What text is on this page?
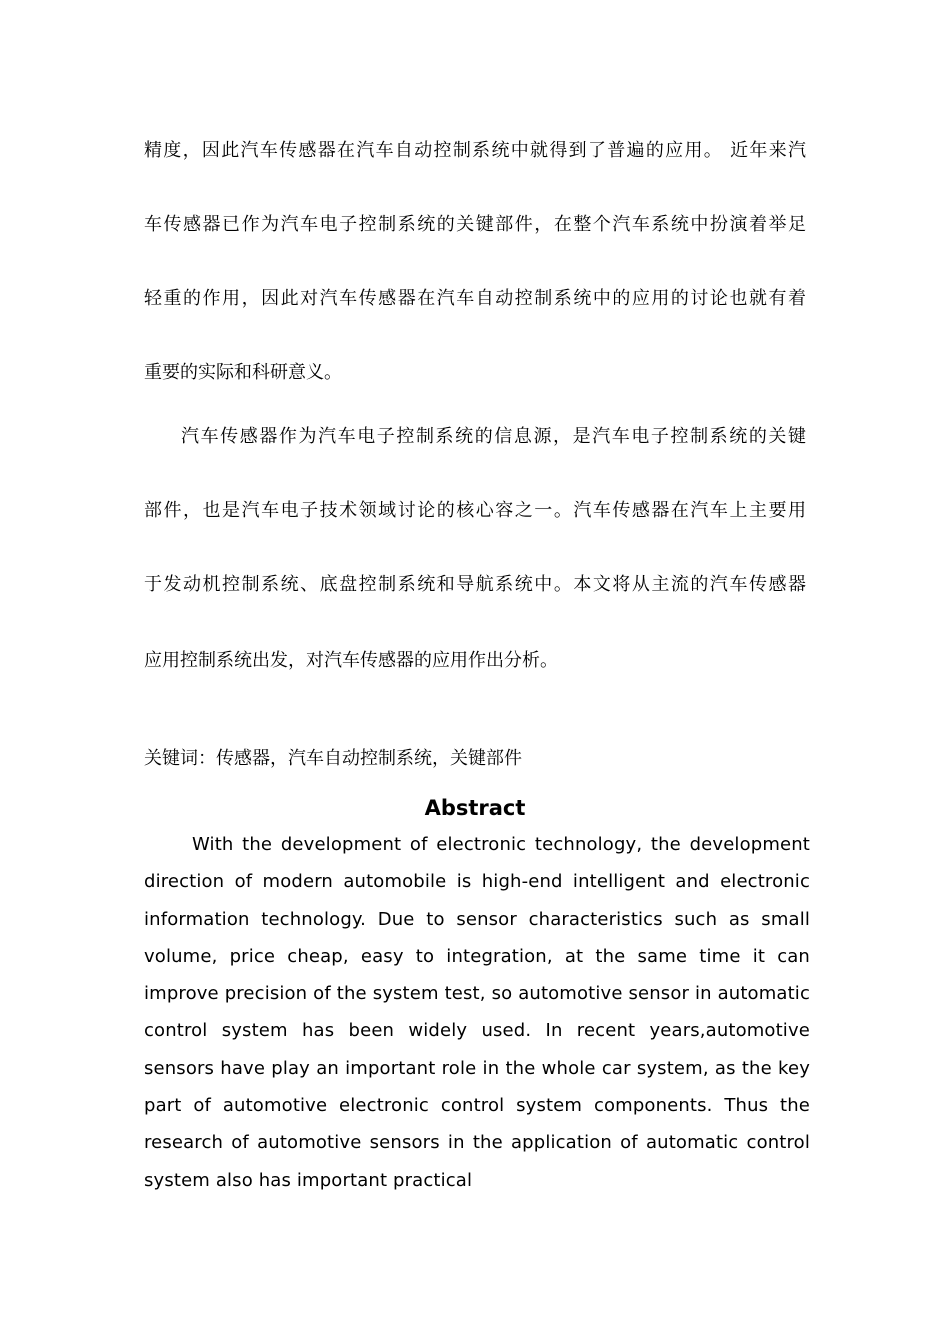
精度，因此汽车传感器在汽车自动控制系统中就得到了普遍的应用。 近年来汽
车传感器已作为汽车电子控制系统的关键部件，在整个汽车系统中扮演着举足
轻重的作用，因此对汽车传感器在汽车自动控制系统中的应用的讨论也就有着
重要的实际和科研意义。
汽车传感器作为汽车电子控制系统的信息源，是汽车电子控制系统的关键
部件，也是汽车电子技术领域讨论的核心容之一。汽车传感器在汽车上主要用
于发动机控制系统、底盘控制系统和导航系统中。本文将从主流的汽车传感器
应用控制系统出发，对汽车传感器的应用作出分析。
关键词：传感器，汽车自动控制系统，关键部件
Abstract

With the development of electronic technology, the development direction of modern automobile is high-end intelligent and electronic information technology. Due to sensor characteristics such as small volume, price cheap, easy to integration, at the same time it can improve precision of the system test, so automotive sensor in automatic control system has been widely used. In recent years,automotive sensors have play an important role in the whole car system, as the key part of automotive electronic control system components. Thus the research of automotive sensors in the application of automatic control system also has important practical
